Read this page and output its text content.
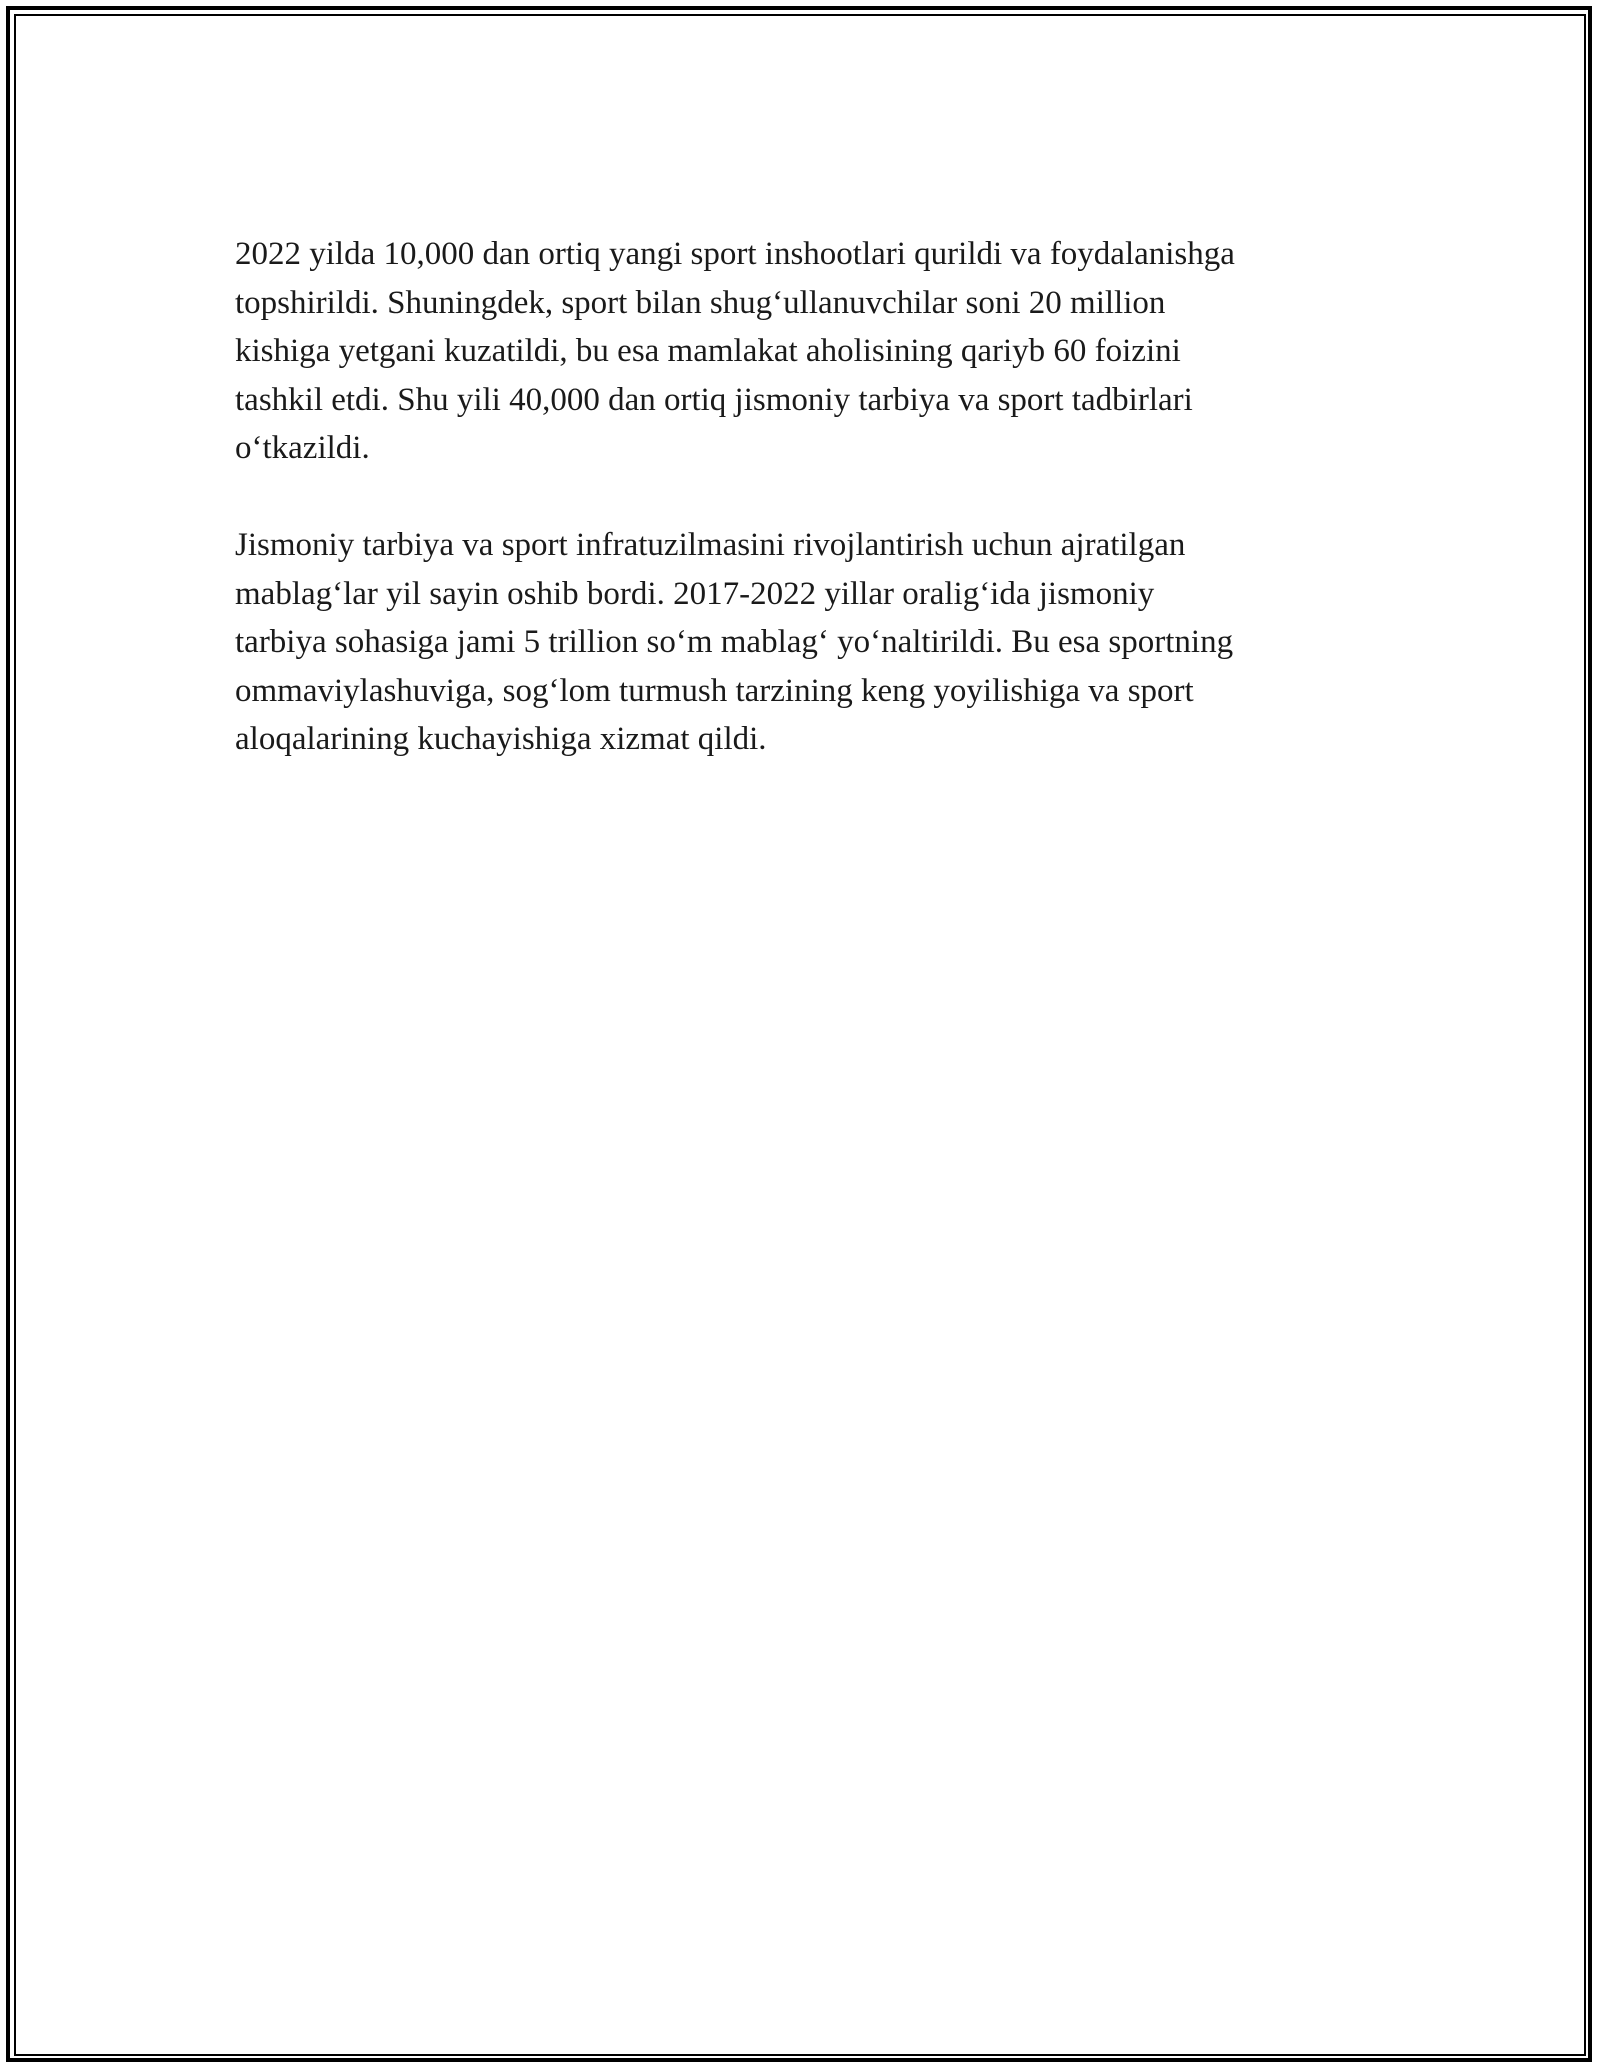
2022 yilda 10,000 dan ortiq yangi sport inshootlari qurildi va foydalanishga
topshirildi. Shuningdek, sport bilan shug‘ullanuvchilar soni 20 million
kishiga yetgani kuzatildi, bu esa mamlakat aholisining qariyb 60 foizini
tashkil etdi. Shu yili 40,000 dan ortiq jismoniy tarbiya va sport tadbirlari
o‘tkazildi.

Jismoniy tarbiya va sport infratuzilmasini rivojlantirish uchun ajratilgan
mablag‘lar yil sayin oshib bordi. 2017-2022 yillar oralig‘ida jismoniy
tarbiya sohasiga jami 5 trillion so‘m mablag‘ yo‘naltirildi. Bu esa sportning
ommaviylashuviga, sog‘lom turmush tarzining keng yoyilishiga va sport
aloqalarining kuchayishiga xizmat qildi.
